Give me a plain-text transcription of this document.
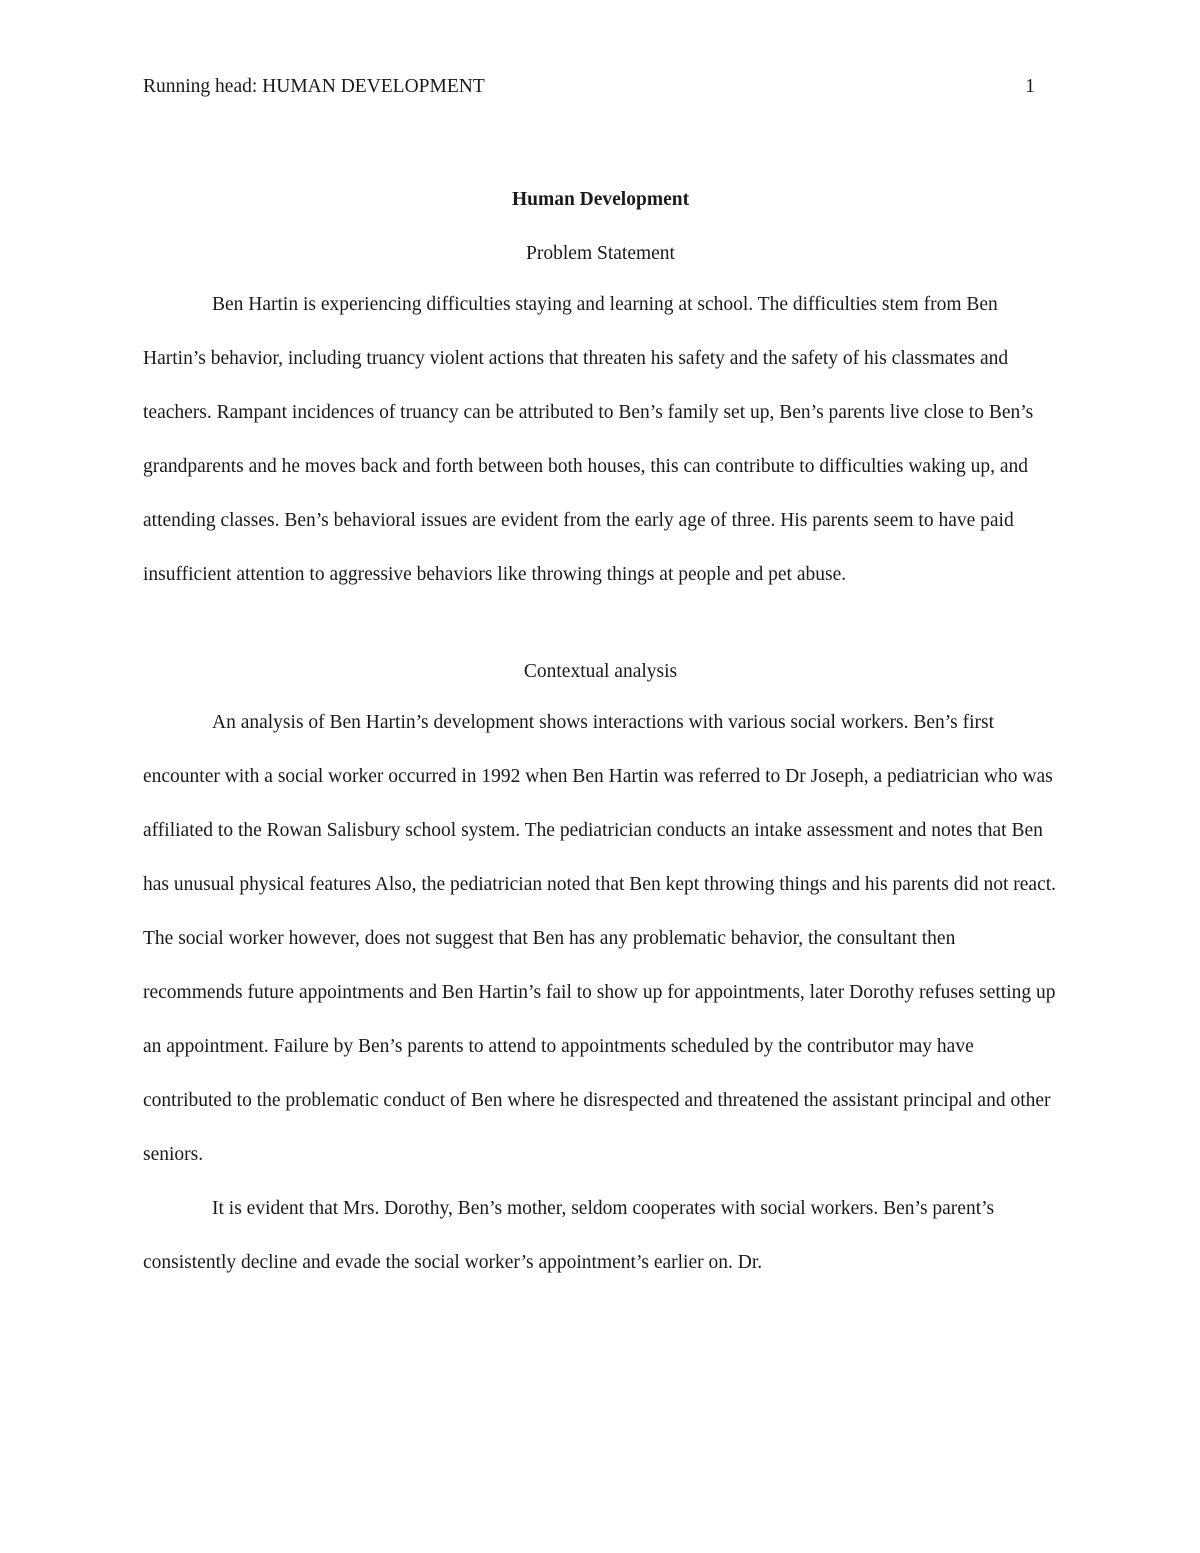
Running head: HUMAN DEVELOPMENT	1
Human Development
Problem Statement

Ben Hartin is experiencing difficulties staying and learning at school. The difficulties stem from Ben Hartin’s behavior, including truancy violent actions that threaten his safety and the safety of his classmates and teachers. Rampant incidences of truancy can be attributed to Ben’s family set up, Ben’s parents live close to Ben’s grandparents and he moves back and forth between both houses, this can contribute to difficulties waking up, and attending classes. Ben’s behavioral issues are evident from the early age of three. His parents seem to have paid insufficient attention to aggressive behaviors like throwing things at people and pet abuse.

Contextual analysis

An analysis of Ben Hartin’s development shows interactions with various social workers. Ben’s first encounter with a social worker occurred in 1992 when Ben Hartin was referred to Dr Joseph, a pediatrician who was affiliated to the Rowan Salisbury school system. The pediatrician conducts an intake assessment and notes that Ben has unusual physical features Also, the pediatrician noted that Ben kept throwing things and his parents did not react. The social worker however, does not suggest that Ben has any problematic behavior, the consultant then recommends future appointments and Ben Hartin’s fail to show up for appointments, later Dorothy refuses setting up an appointment. Failure by Ben’s parents to attend to appointments scheduled by the contributor may have contributed to the problematic conduct of Ben where he disrespected and threatened the assistant principal and other seniors.

It is evident that Mrs. Dorothy, Ben’s mother, seldom cooperates with social workers. Ben’s parent’s consistently decline and evade the social worker’s appointment’s earlier on. Dr.
